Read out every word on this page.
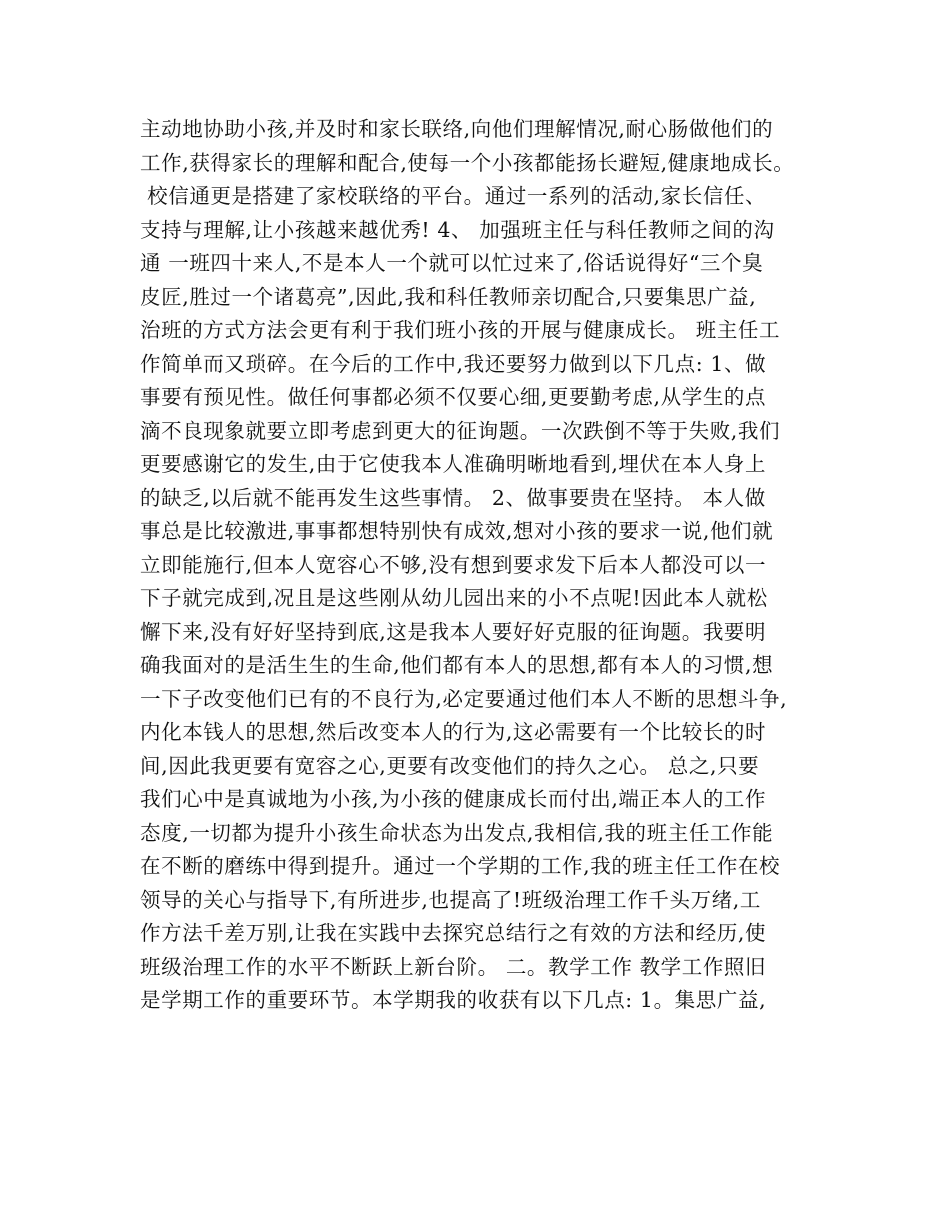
主动地协助小孩,并及时和家长联络,向他们理解情况,耐心肠做他们的
工作,获得家长的理解和配合,使每一个小孩都能扬长避短,健康地成长。
校信通更是搭建了家校联络的平台。通过一系列的活动,家长信任、
支持与理解,让小孩越来越优秀! 4、 加强班主任与科任教师之间的沟
通 一班四十来人,不是本人一个就可以忙过来了,俗话说得好“三个臭
皮匠,胜过一个诸葛亮”,因此,我和科任教师亲切配合,只要集思广益,
治班的方式方法会更有利于我们班小孩的开展与健康成长。 班主任工
作简单而又琐碎。在今后的工作中,我还要努力做到以下几点: 1、做
事要有预见性。做任何事都必须不仅要心细,更要勤考虑,从学生的点
滴不良现象就要立即考虑到更大的征询题。一次跌倒不等于失败,我们
更要感谢它的发生,由于它使我本人准确明晰地看到,埋伏在本人身上
的缺乏,以后就不能再发生这些事情。 2、做事要贵在坚持。 本人做
事总是比较激进,事事都想特别快有成效,想对小孩的要求一说,他们就
立即能施行,但本人宽容心不够,没有想到要求发下后本人都没可以一
下子就完成到,况且是这些刚从幼儿园出来的小不点呢!因此本人就松
懈下来,没有好好坚持到底,这是我本人要好好克服的征询题。我要明
确我面对的是活生生的生命,他们都有本人的思想,都有本人的习惯,想
一下子改变他们已有的不良行为,必定要通过他们本人不断的思想斗争,
内化本钱人的思想,然后改变本人的行为,这必需要有一个比较长的时
间,因此我更要有宽容之心,更要有改变他们的持久之心。 总之,只要
我们心中是真诚地为小孩,为小孩的健康成长而付出,端正本人的工作
态度,一切都为提升小孩生命状态为出发点,我相信,我的班主任工作能
在不断的磨练中得到提升。通过一个学期的工作,我的班主任工作在校
领导的关心与指导下,有所进步,也提高了!班级治理工作千头万绪,工
作方法千差万别,让我在实践中去探究总结行之有效的方法和经历,使
班级治理工作的水平不断跃上新台阶。 二。教学工作 教学工作照旧
是学期工作的重要环节。本学期我的收获有以下几点: 1。集思广益,
